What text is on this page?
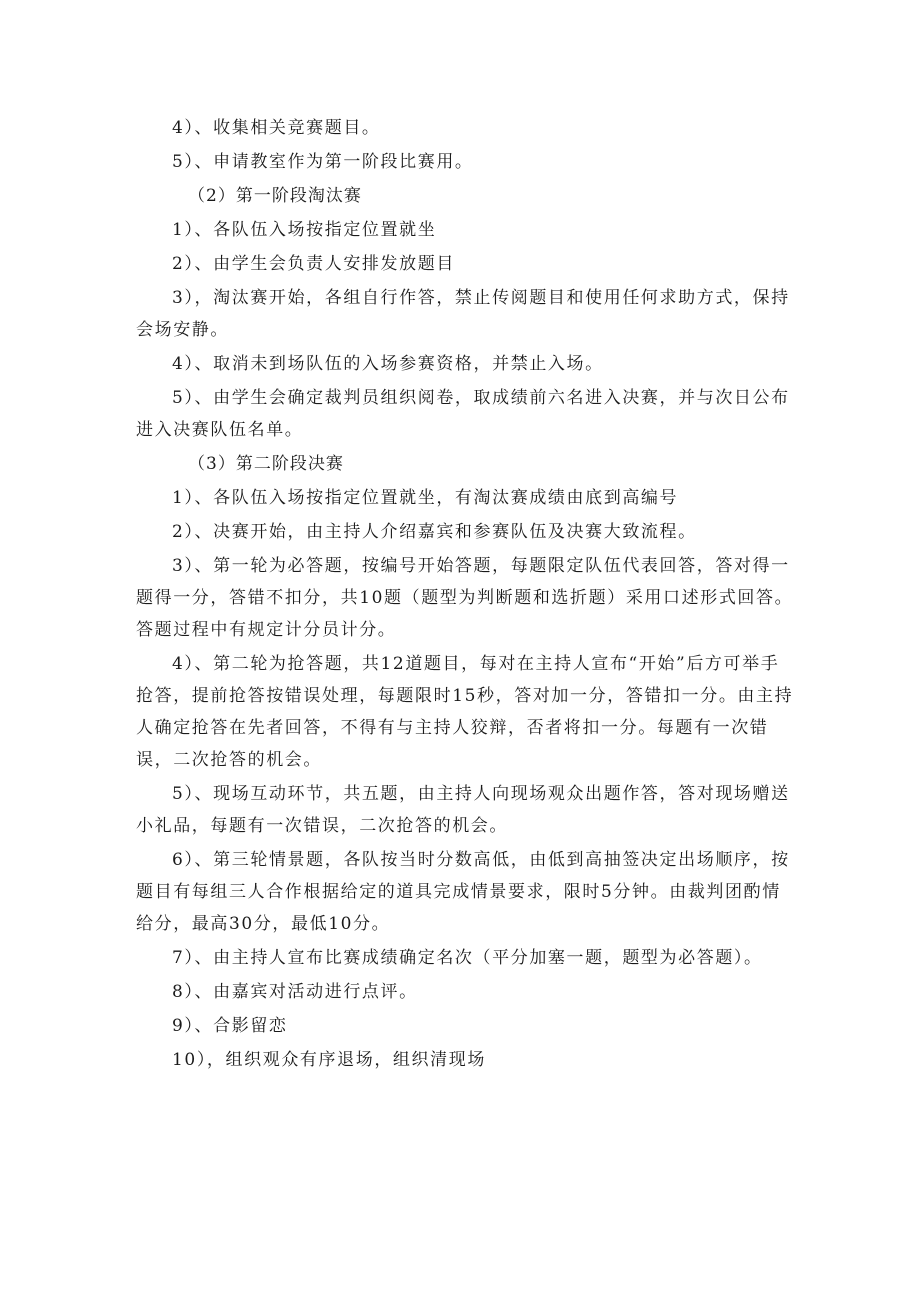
4）、收集相关竞赛题目。

5）、申请教室作为第一阶段比赛用。

（2）第一阶段淘汰赛

1）、各队伍入场按指定位置就坐

2）、由学生会负责人安排发放题目

3），淘汰赛开始，各组自行作答，禁止传阅题目和使用任何求助方式，保持会场安静。

4）、取消未到场队伍的入场参赛资格，并禁止入场。

5）、由学生会确定裁判员组织阅卷，取成绩前六名进入决赛，并与次日公布进入决赛队伍名单。

（3）第二阶段决赛

1）、各队伍入场按指定位置就坐，有淘汰赛成绩由底到高编号

2）、决赛开始，由主持人介绍嘉宾和参赛队伍及决赛大致流程。

3）、第一轮为必答题，按编号开始答题，每题限定队伍代表回答，答对得一题得一分，答错不扣分，共10题（题型为判断题和选折题）采用口述形式回答。答题过程中有规定计分员计分。

4）、第二轮为抢答题，共12道题目，每对在主持人宣布“开始”后方可举手抢答，提前抢答按错误处理，每题限时15秒，答对加一分，答错扣一分。由主持人确定抢答在先者回答，不得有与主持人狡辩，否者将扣一分。每题有一次错误，二次抢答的机会。

5）、现场互动环节，共五题，由主持人向现场观众出题作答，答对现场赠送小礼品，每题有一次错误，二次抢答的机会。

6）、第三轮情景题，各队按当时分数高低，由低到高抽签决定出场顺序，按题目有每组三人合作根据给定的道具完成情景要求，限时5分钟。由裁判团酌情给分，最高30分，最低10分。

7）、由主持人宣布比赛成绩确定名次（平分加塞一题，题型为必答题）。

8）、由嘉宾对活动进行点评。

9）、合影留恋

10），组织观众有序退场，组织清现场
